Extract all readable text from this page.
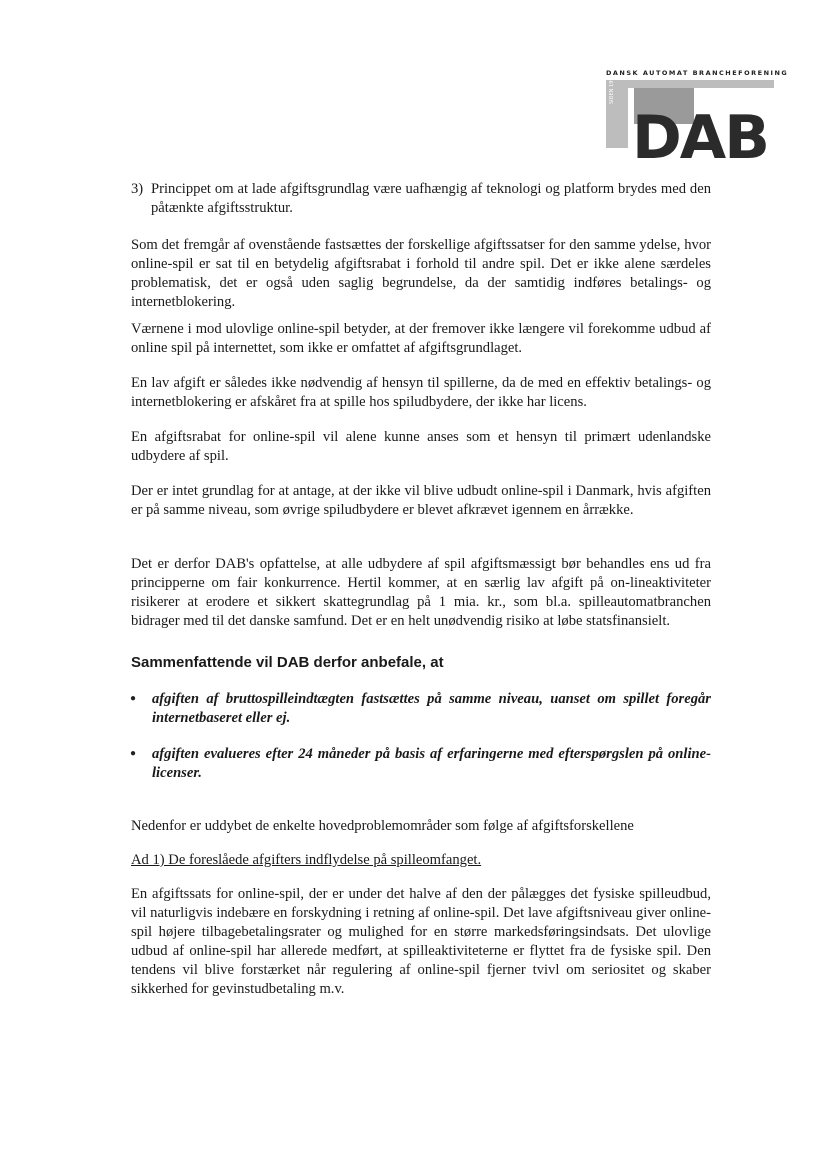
DANSK AUTOMAT BRANCHEFORENING
DAB
SIDEN 1990
3) Princippet om at lade afgiftsgrundlag være uafhængig af teknologi og platform brydes med den påtænkte afgiftsstruktur.

Som det fremgår af ovenstående fastsættes der forskellige afgiftssatser for den samme ydelse, hvor online-spil er sat til en betydelig afgiftsrabat i forhold til andre spil. Det er ikke alene særdeles problematisk, det er også uden saglig begrundelse, da der samtidig indføres betalings- og internetblokering.

Værnene i mod ulovlige online-spil betyder, at der fremover ikke længere vil forekomme udbud af online spil på internettet, som ikke er omfattet af afgiftsgrundlaget.

En lav afgift er således ikke nødvendig af hensyn til spillerne, da de med en effektiv betalings- og internetblokering er afskåret fra at spille hos spiludbydere, der ikke har licens.

En afgiftsrabat for online-spil vil alene kunne anses som et hensyn til primært udenlandske udbydere af spil.

Der er intet grundlag for at antage, at der ikke vil blive udbudt online-spil i Danmark, hvis afgiften er på samme niveau, som øvrige spiludbydere er blevet afkrævet igennem en årrække.

Det er derfor DAB's opfattelse, at alle udbydere af spil afgiftsmæssigt bør behandles ens ud fra principperne om fair konkurrence. Hertil kommer, at en særlig lav afgift på on-lineaktiviteter risikerer at erodere et sikkert skattegrundlag på 1 mia. kr., som bl.a. spilleautomatbranchen bidrager med til det danske samfund. Det er en helt unødvendig risiko at løbe statsfinansielt.

Sammenfattende vil DAB derfor anbefale, at
● afgiften af bruttospilleindtægten fastsættes på samme niveau, uanset om spillet foregår internetbaseret eller ej.

● afgiften evalueres efter 24 måneder på basis af erfaringerne med efterspørgslen på online-licenser.

Nedenfor er uddybet de enkelte hovedproblemområder som følge af afgiftsforskellene

Ad 1) De foreslåede afgifters indflydelse på spilleomfanget.

En afgiftssats for online-spil, der er under det halve af den der pålægges det fysiske spilleudbud, vil naturligvis indebære en forskydning i retning af online-spil. Det lave afgiftsniveau giver online-spil højere tilbagebetalingsrater og mulighed for en større markedsføringsindsats. Det ulovlige udbud af online-spil har allerede medført, at spilleaktiviteterne er flyttet fra de fysiske spil. Den tendens vil blive forstærket når regulering af online-spil fjerner tvivl om seriositet og skaber sikkerhed for gevinstudbetaling m.v.
